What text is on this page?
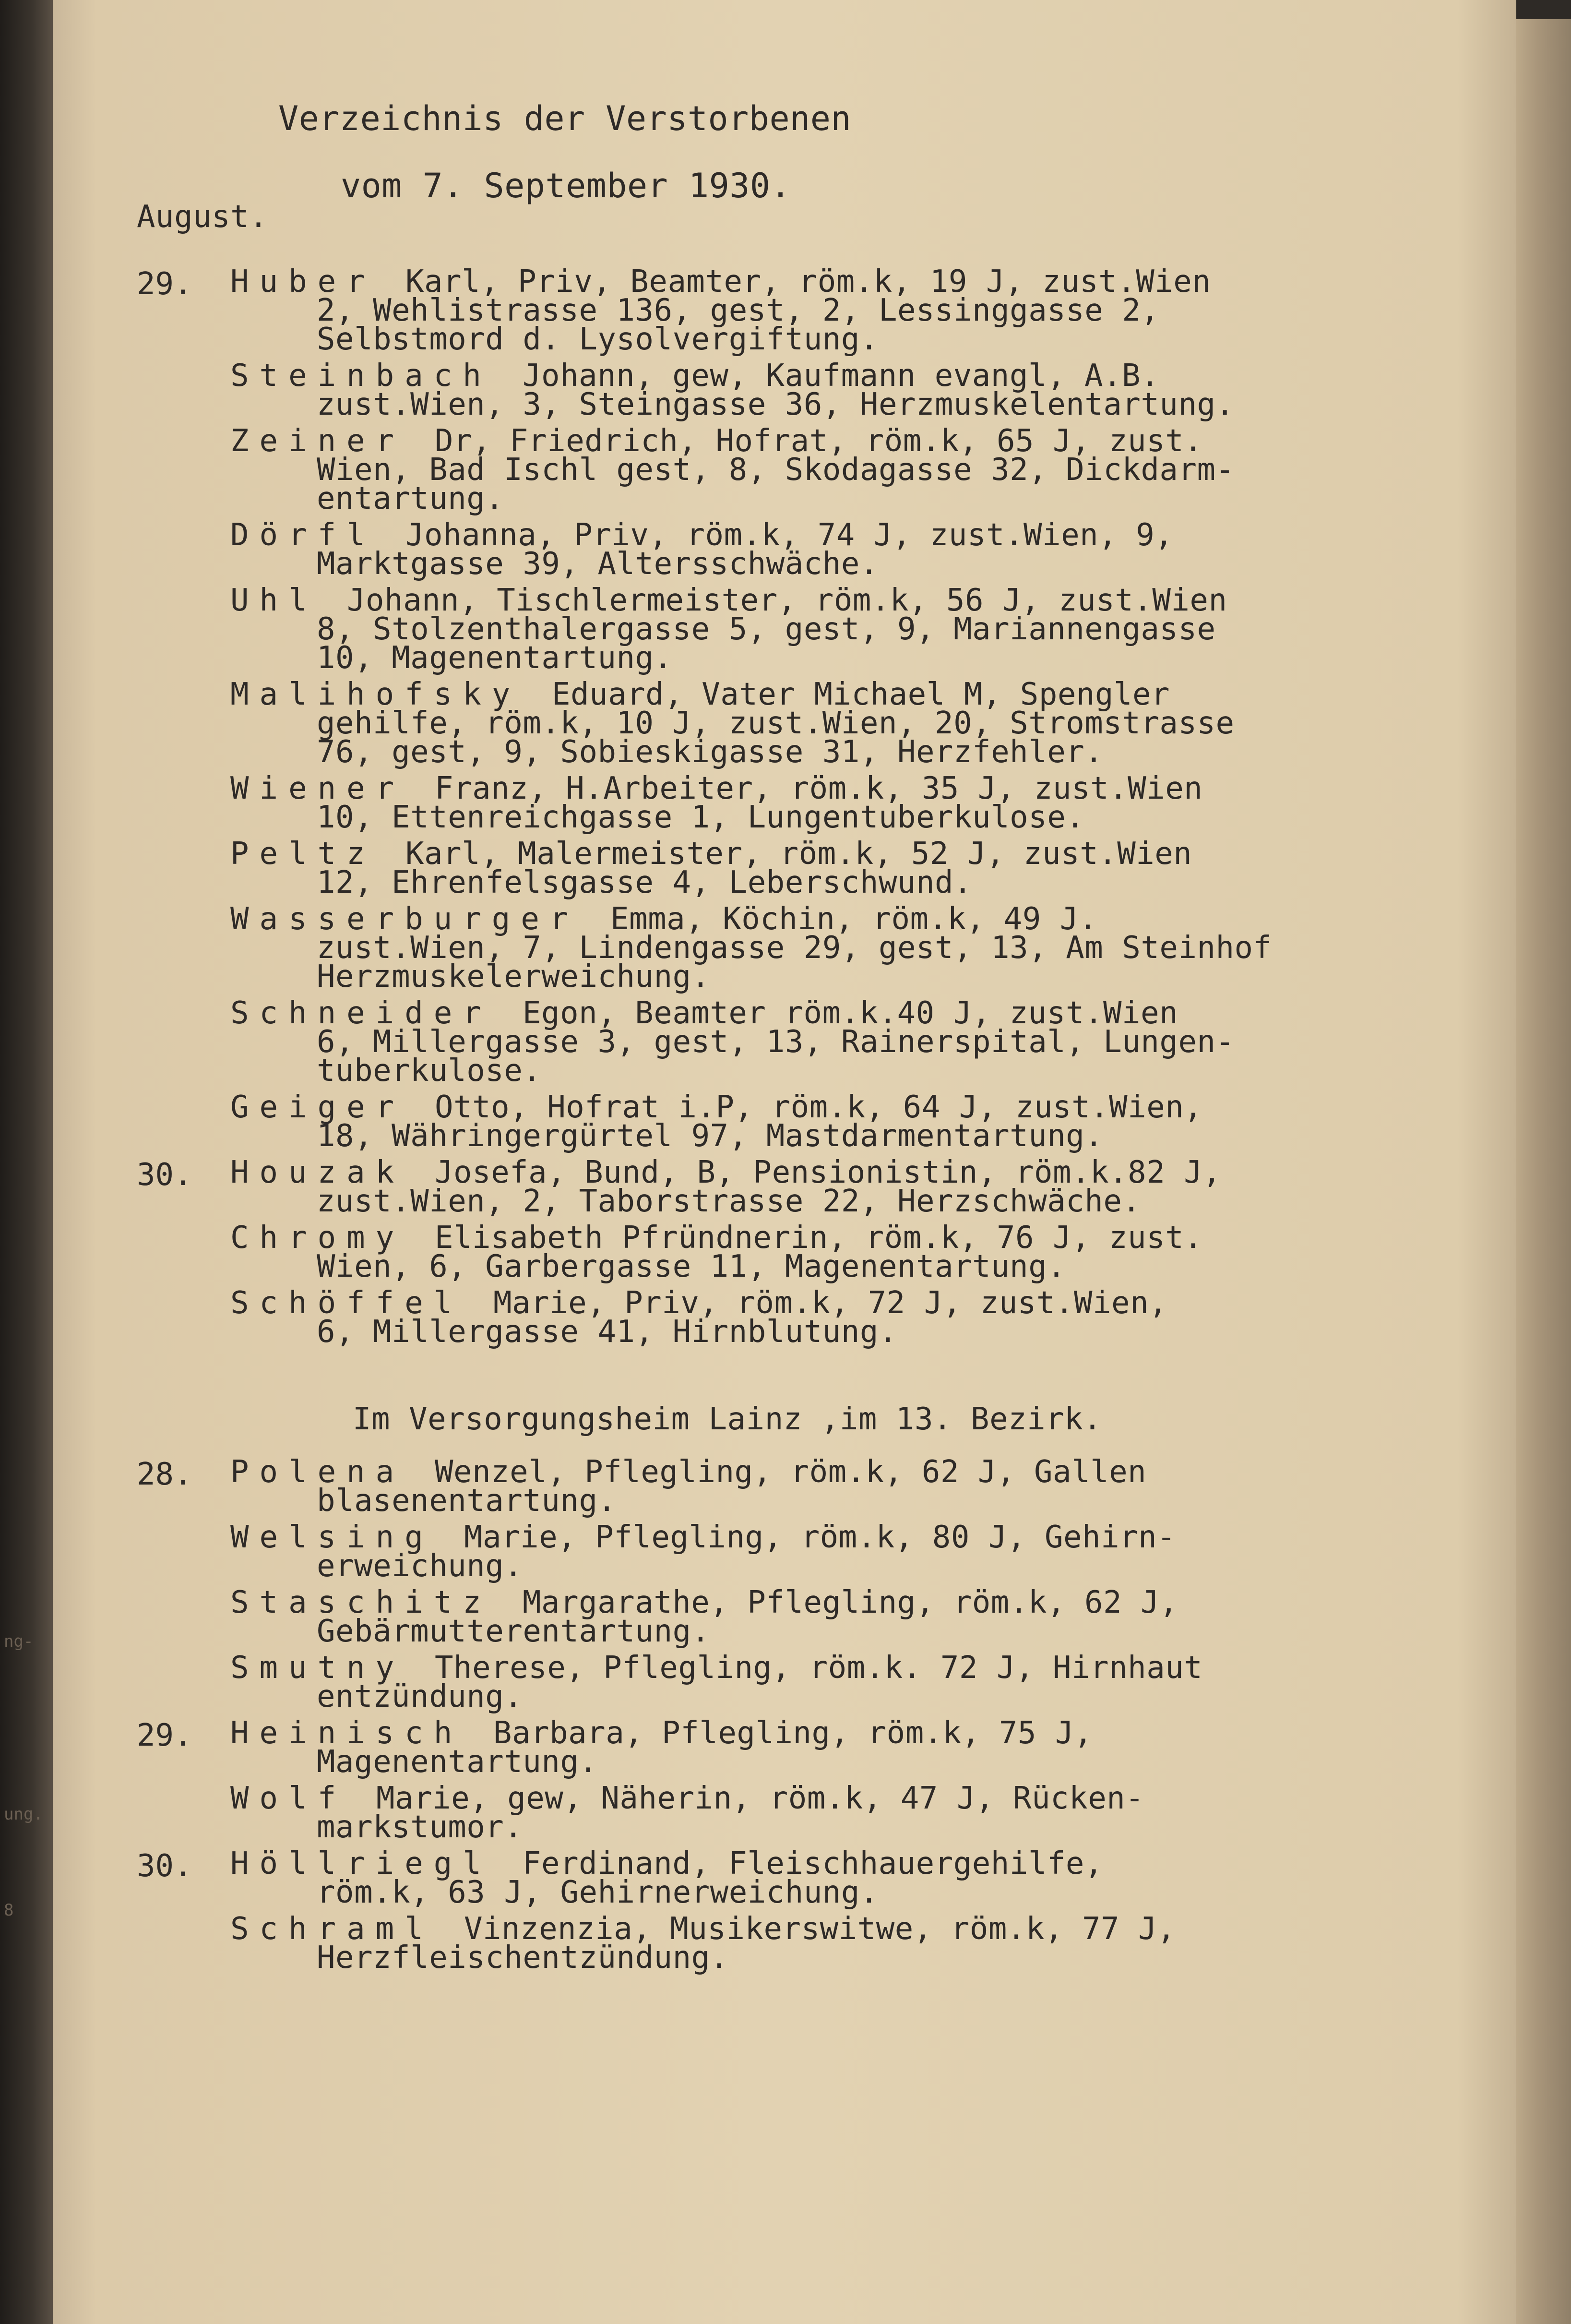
ng-
ung.
8
Verzeichnis der Verstorbenen
vom 7. September 1930.
August.
29. Huber Karl, Priv, Beamter, röm.k, 19 J, zust.Wien
2, Wehlistrasse 136, gest, 2, Lessinggasse 2,
Selbstmord d. Lysolvergiftung.
Steinbach Johann, gew, Kaufmann evangl, A.B.
zust.Wien, 3, Steingasse 36, Herzmuskelentartung.
Zeiner Dr, Friedrich, Hofrat, röm.k, 65 J, zust.
Wien, Bad Ischl gest, 8, Skodagasse 32, Dickdarm-
entartung.
Dörfl Johanna, Priv, röm.k, 74 J, zust.Wien, 9,
Marktgasse 39, Altersschwäche.
Uhl Johann, Tischlermeister, röm.k, 56 J, zust.Wien
8, Stolzenthalergasse 5, gest, 9, Mariannengasse
10, Magenentartung.
Malihofsky Eduard, Vater Michael M, Spengler
gehilfe, röm.k, 10 J, zust.Wien, 20, Stromstrasse
76, gest, 9, Sobieskigasse 31, Herzfehler.
Wiener Franz, H.Arbeiter, röm.k, 35 J, zust.Wien
10, Ettenreichgasse 1, Lungentuberkulose.
Peltz Karl, Malermeister, röm.k, 52 J, zust.Wien
12, Ehrenfelsgasse 4, Leberschwund.
Wasserburger Emma, Köchin, röm.k, 49 J.
zust.Wien, 7, Lindengasse 29, gest, 13, Am Steinhof
Herzmuskelerweichung.
Schneider Egon, Beamter röm.k.40 J, zust.Wien
6, Millergasse 3, gest, 13, Rainerspital, Lungen-
tuberkulose.
Geiger Otto, Hofrat i.P, röm.k, 64 J, zust.Wien,
18, Währingergürtel 97, Mastdarmentartung.
30. Houzak Josefa, Bund, B, Pensionistin, röm.k.82 J,
zust.Wien, 2, Taborstrasse 22, Herzschwäche.
Chromy Elisabeth Pfründnerin, röm.k, 76 J, zust.
Wien, 6, Garbergasse 11, Magenentartung.
Schöffel Marie, Priv, röm.k, 72 J, zust.Wien,
6, Millergasse 41, Hirnblutung.
Im Versorgungsheim Lainz ,im 13. Bezirk.
28. Polena Wenzel, Pflegling, röm.k, 62 J, Gallen
blasenentartung.
Welsing Marie, Pflegling, röm.k, 80 J, Gehirn-
erweichung.
Staschitz Margarathe, Pflegling, röm.k, 62 J,
Gebärmutterentartung.
Smutny Therese, Pflegling, röm.k. 72 J, Hirnhaut
entzündung.
29. Heinisch Barbara, Pflegling, röm.k, 75 J,
Magenentartung.
Wolf Marie, gew, Näherin, röm.k, 47 J, Rücken-
markstumor.
30. Höllriegl Ferdinand, Fleischhauergehilfe,
röm.k, 63 J, Gehirnerweichung.
Schraml Vinzenzia, Musikerswitwe, röm.k, 77 J,
Herzfleischentzündung.
